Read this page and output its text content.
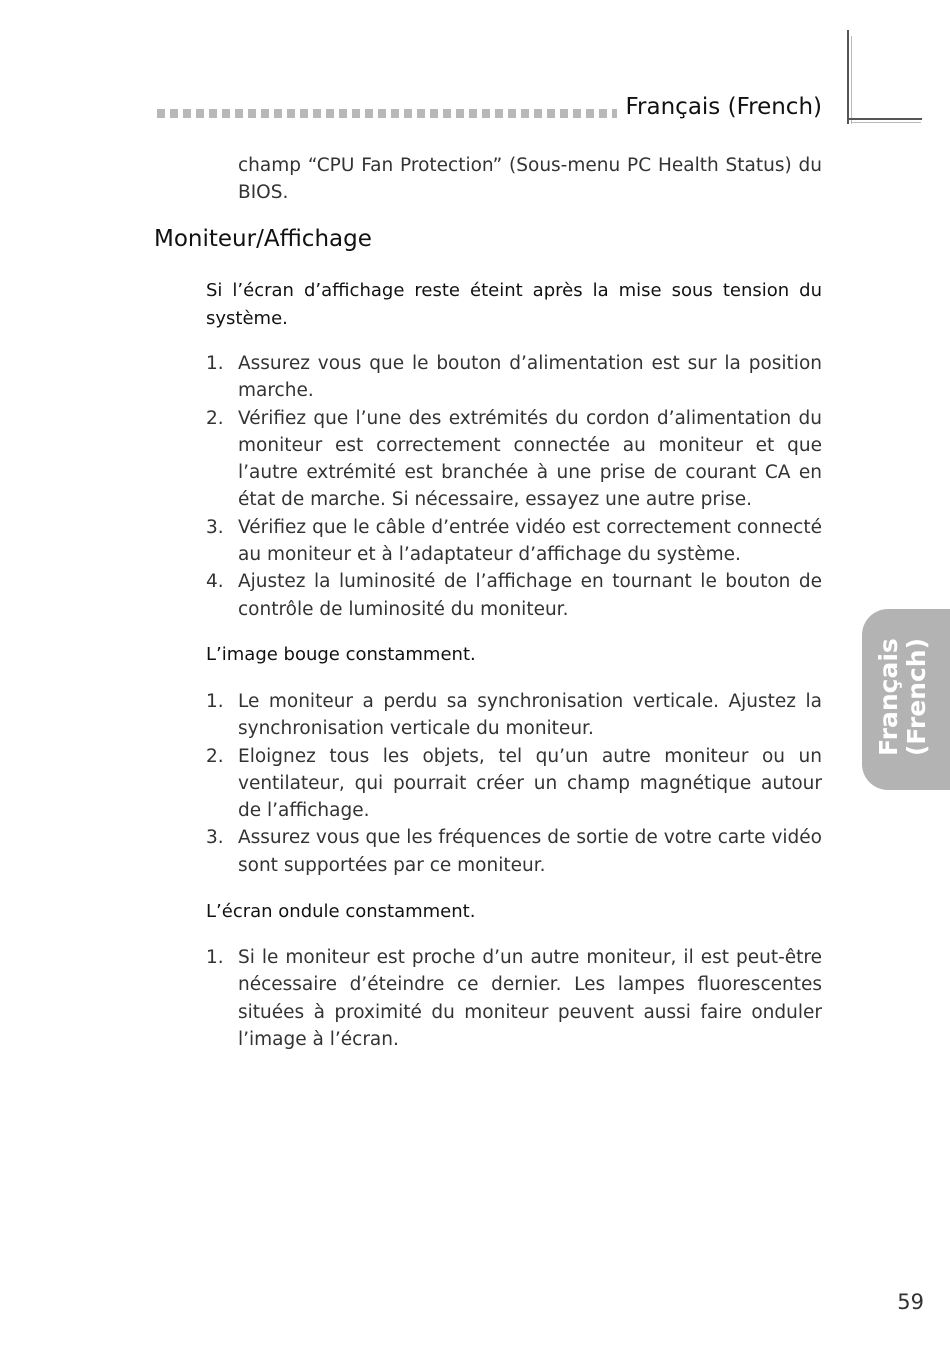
Français (French)
champ “CPU Fan Protection” (Sous-menu PC Health Status) du BIOS.
Moniteur/Affichage
Si l’écran d’affichage reste éteint après la mise sous tension du système.
1. Assurez vous que le bouton d’alimentation est sur la position marche.
2. Vérifiez que l’une des extrémités du cordon d’alimentation du moniteur est correctement connectée au moniteur et que l’autre extrémité est branchée à une prise de courant CA en état de marche. Si nécessaire, essayez une autre prise.
3. Vérifiez que le câble d’entrée vidéo est correctement connecté au moniteur et à l’adaptateur d’affichage du système.
4. Ajustez la luminosité de l’affichage en tournant le bouton de contrôle de luminosité du moniteur.
L’image bouge constamment.
1. Le moniteur a perdu sa synchronisation verticale. Ajustez la synchronisation verticale du moniteur.
2. Eloignez tous les objets, tel qu’un autre moniteur ou un ventilateur, qui pourrait créer un champ magnétique autour de l’affichage.
3. Assurez vous que les fréquences de sortie de votre carte vidéo sont supportées par ce moniteur.
L’écran ondule constamment.
1. Si le moniteur est proche d’un autre moniteur, il est peut-être nécessaire d’éteindre ce dernier. Les lampes fluorescentes situées à proximité du moniteur peuvent aussi faire onduler l’image à l’écran.
Français (French)
59
